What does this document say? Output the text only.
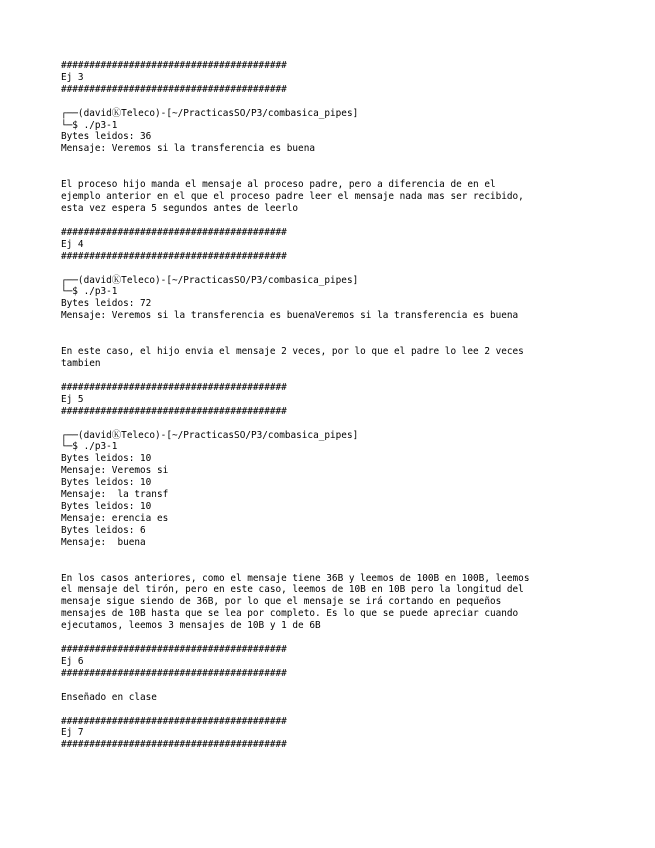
########################################
Ej 3
########################################
┌──(davidⓀTeleco)-[~/PracticasSO/P3/combasica_pipes]
└─$ ./p3-1
Bytes leidos: 36
Mensaje: Veremos si la transferencia es buena
El proceso hijo manda el mensaje al proceso padre, pero a diferencia de en el
ejemplo anterior en el que el proceso padre leer el mensaje nada mas ser recibido,
esta vez espera 5 segundos antes de leerlo
########################################
Ej 4
########################################
┌──(davidⓀTeleco)-[~/PracticasSO/P3/combasica_pipes]
└─$ ./p3-1
Bytes leidos: 72
Mensaje: Veremos si la transferencia es buenaVeremos si la transferencia es buena
En este caso, el hijo envia el mensaje 2 veces, por lo que el padre lo lee 2 veces
tambien
########################################
Ej 5
########################################
┌──(davidⓀTeleco)-[~/PracticasSO/P3/combasica_pipes]
└─$ ./p3-1
Bytes leidos: 10
Mensaje: Veremos si
Bytes leidos: 10
Mensaje:  la transf
Bytes leidos: 10
Mensaje: erencia es
Bytes leidos: 6
Mensaje:  buena
En los casos anteriores, como el mensaje tiene 36B y leemos de 100B en 100B, leemos
el mensaje del tirón, pero en este caso, leemos de 10B en 10B pero la longitud del
mensaje sigue siendo de 36B, por lo que el mensaje se irá cortando en pequeños
mensajes de 10B hasta que se lea por completo. Es lo que se puede apreciar cuando
ejecutamos, leemos 3 mensajes de 10B y 1 de 6B
########################################
Ej 6
########################################
Enseñado en clase
########################################
Ej 7
########################################
